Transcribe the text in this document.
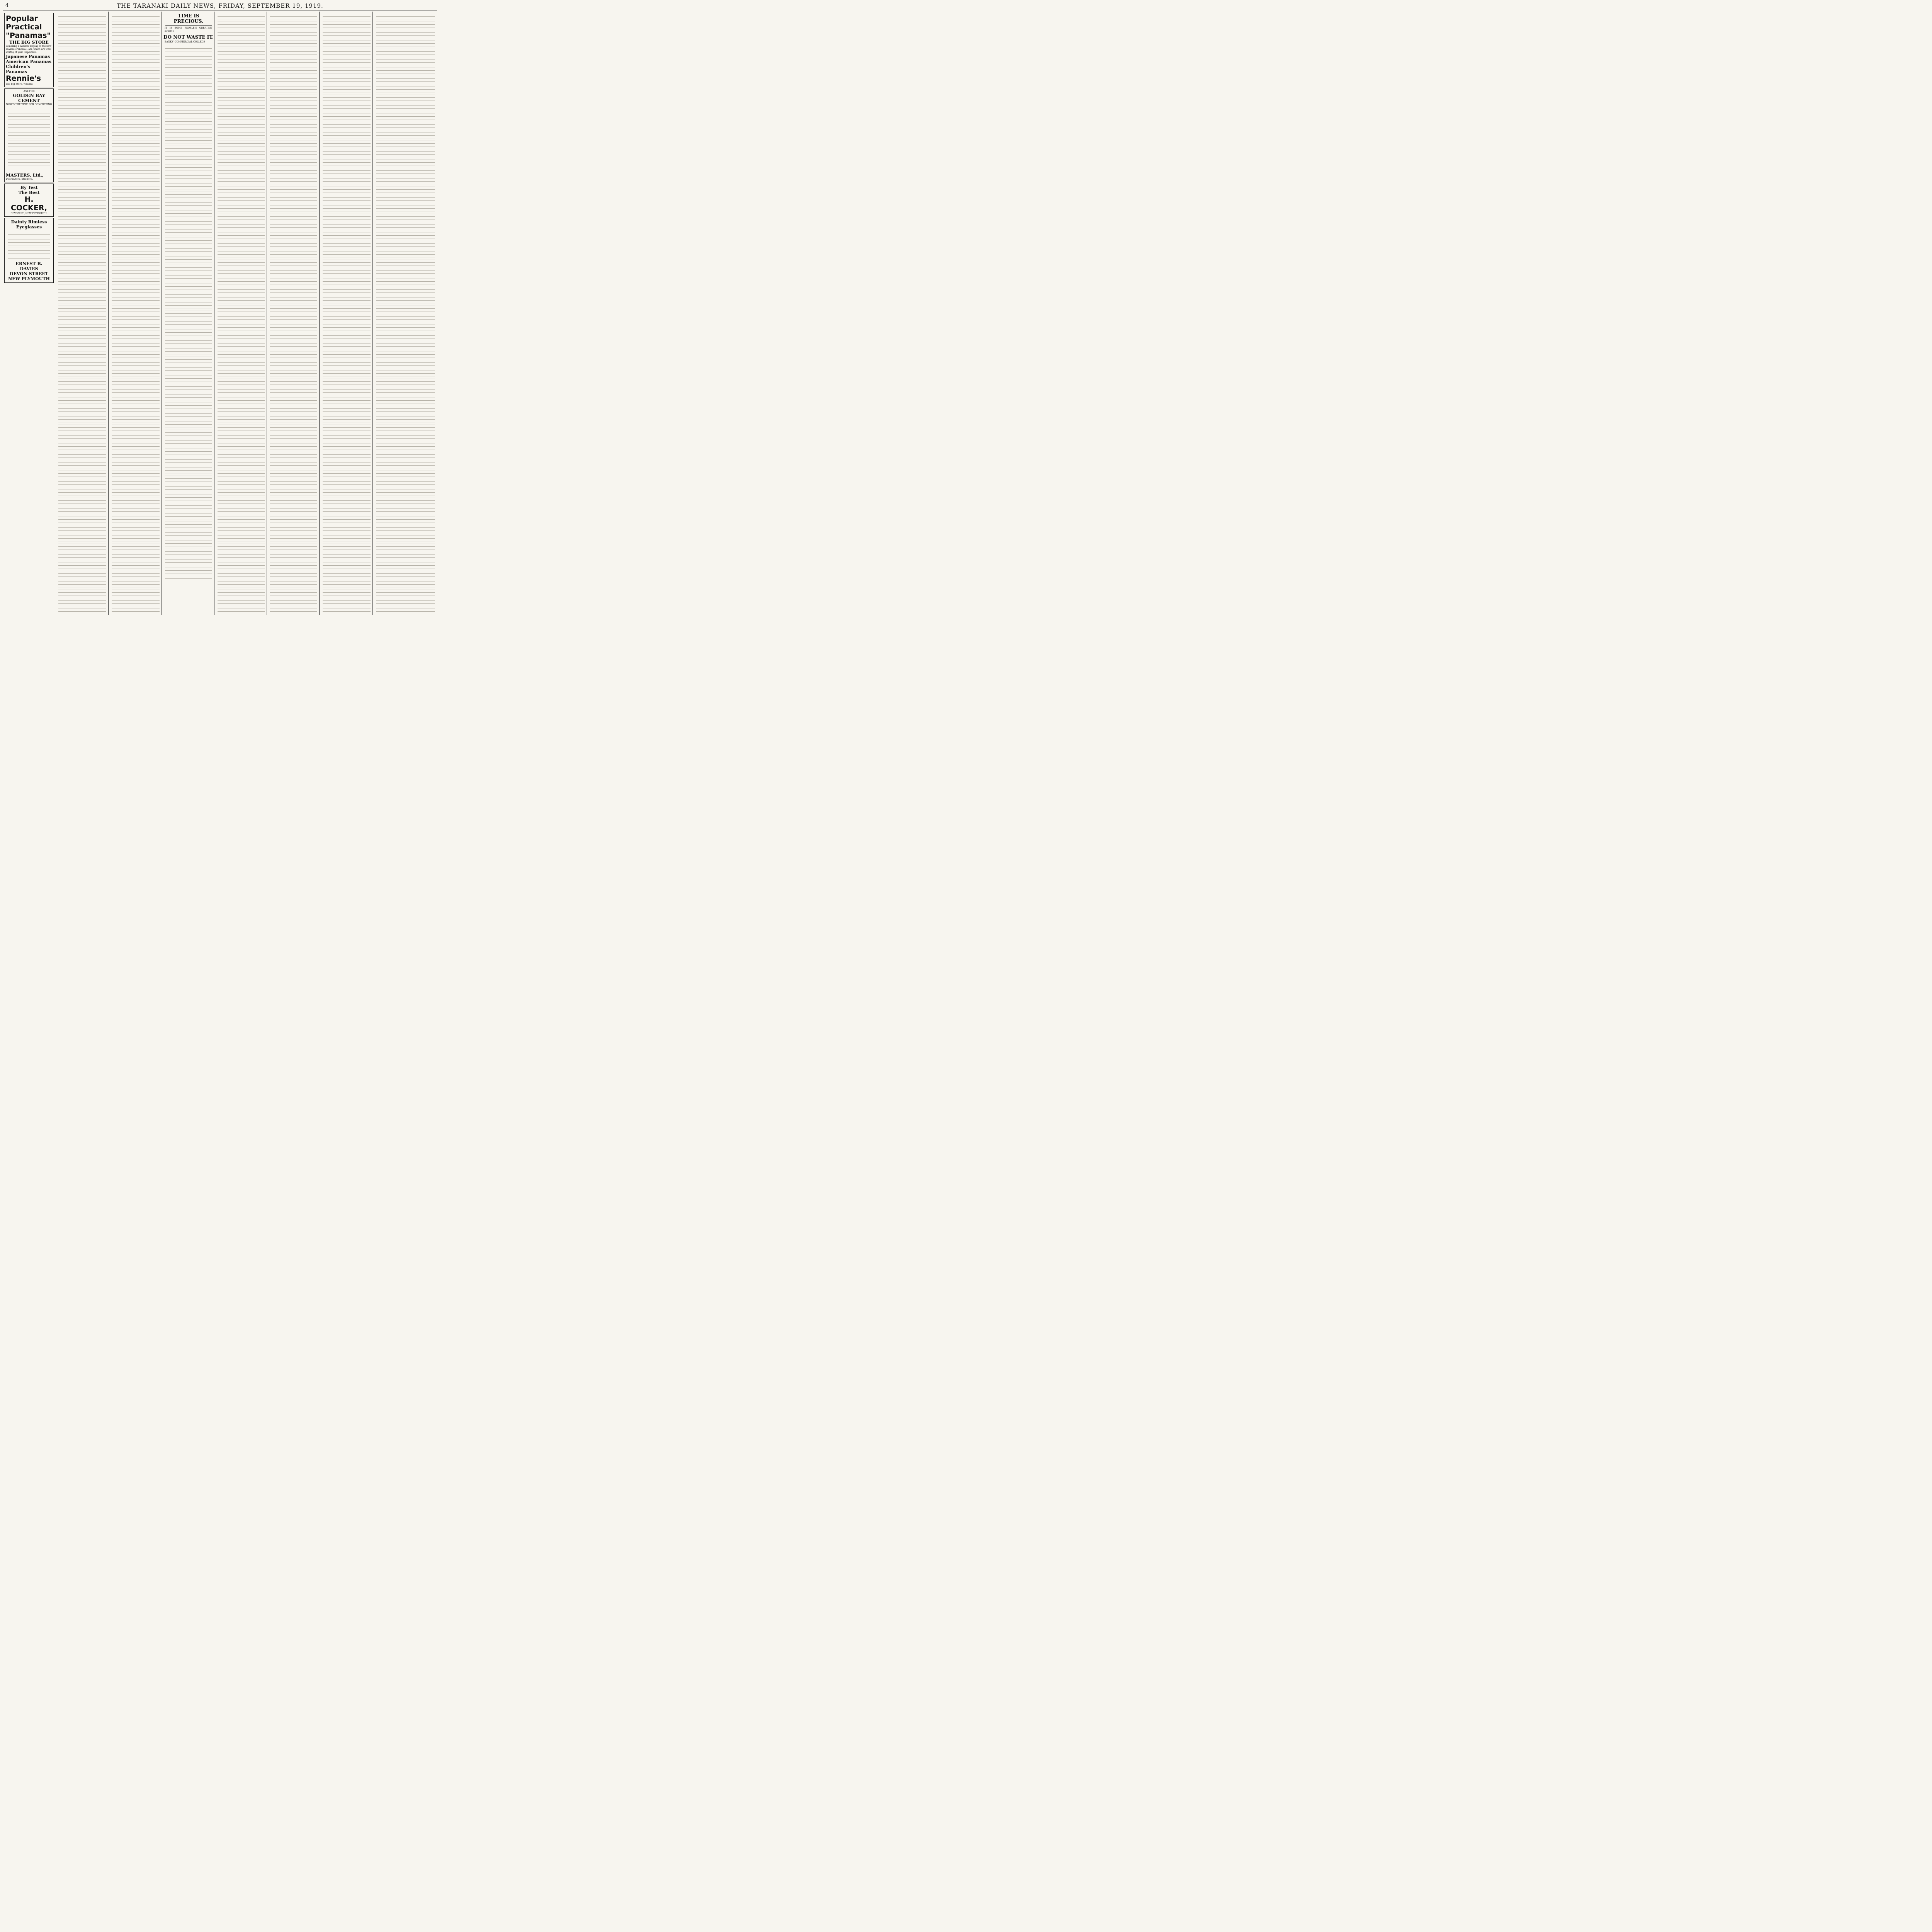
4	THE TARANAKI DAILY NEWS, FRIDAY, SEPTEMBER 19, 1919.
Popular Practical "Panamas"
THE BIG STORE
is making a window display of the new season's Panama Hats, which are well worthy of your inspection.
Japanese Panamas
American Panamas
Children's Panamas
Rennie's
The Big Store, Waitara.
ASK FOR
GOLDEN BAY CEMENT
NOW'S THE TIME FOR CONCRETING
MASTERS, Ltd.,
Distributors, Stratford.
By Test
The Best
H. COCKER,
DEVON ST., NEW PLYMOUTH.
Dainty Rimless Eyeglasses
ERNEST B. DAVIES
DEVON STREET
NEW PLYMOUTH
TIME IS PRECIOUS.
IT IS SOME PEOPLE'S GREATEST ENEMY.
DO NOT WASTE IT.
BANKS' COMMERCIAL COLLEGE
